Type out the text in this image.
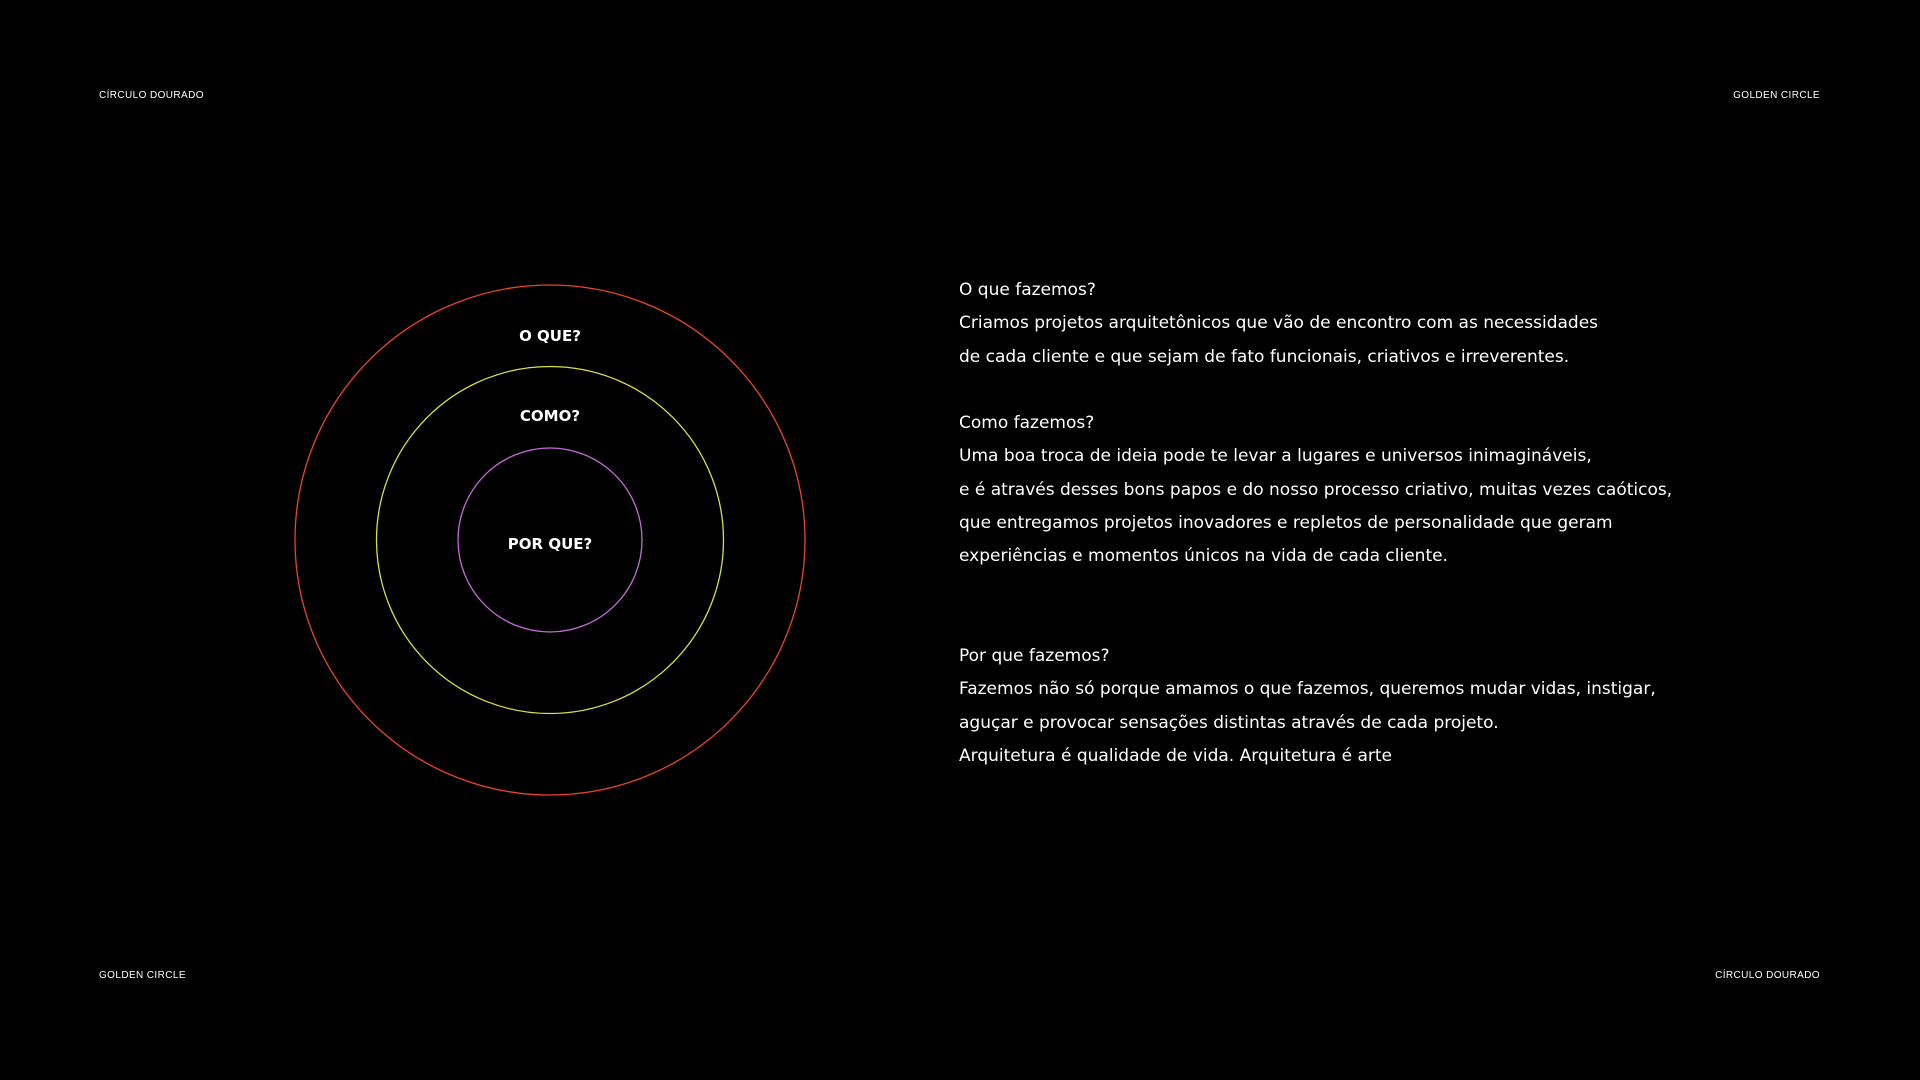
CÍRCULO DOURADO	GOLDEN CIRCLE
GOLDEN CIRCLE	CÍRCULO DOURADO
O QUE?
COMO?
POR QUE?
O que fazemos?
Criamos projetos arquitetônicos que vão de encontro com as necessidades
de cada cliente e que sejam de fato funcionais, criativos e irreverentes.
Como fazemos?
Uma boa troca de ideia pode te levar a lugares e universos inimagináveis,
e é através desses bons papos e do nosso processo criativo, muitas vezes caóticos,
que entregamos projetos inovadores e repletos de personalidade que geram
experiências e momentos únicos na vida de cada cliente.
Por que fazemos?
Fazemos não só porque amamos o que fazemos, queremos mudar vidas, instigar,
aguçar e provocar sensações distintas através de cada projeto.
Arquitetura é qualidade de vida. Arquitetura é arte
